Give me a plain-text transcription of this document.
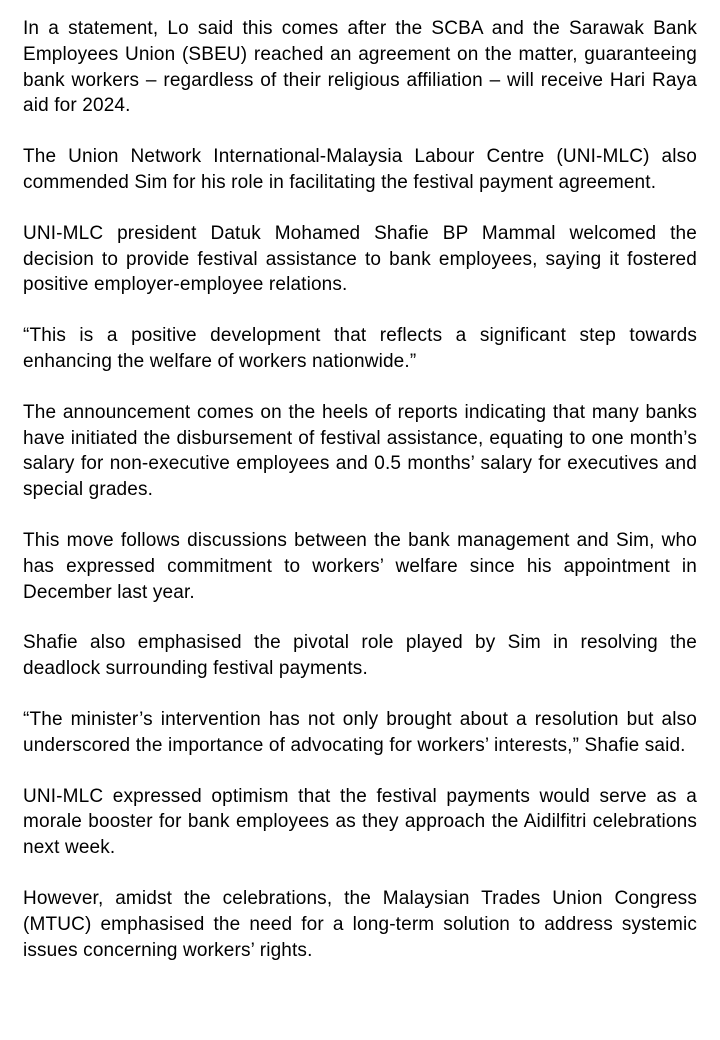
In a statement, Lo said this comes after the SCBA and the Sarawak Bank Employees Union (SBEU) reached an agreement on the matter, guaranteeing bank workers – regardless of their religious affiliation – will receive Hari Raya aid for 2024.

The Union Network International-Malaysia Labour Centre (UNI-MLC) also commended Sim for his role in facilitating the festival payment agreement.

UNI-MLC president Datuk Mohamed Shafie BP Mammal welcomed the decision to provide festival assistance to bank employees, saying it fostered positive employer-employee relations.

“This is a positive development that reflects a significant step towards enhancing the welfare of workers nationwide.”

The announcement comes on the heels of reports indicating that many banks have initiated the disbursement of festival assistance, equating to one month’s salary for non-executive employees and 0.5 months’ salary for executives and special grades.

This move follows discussions between the bank management and Sim, who has expressed commitment to workers’ welfare since his appointment in December last year.

Shafie also emphasised the pivotal role played by Sim in resolving the deadlock surrounding festival payments.

“The minister’s intervention has not only brought about a resolution but also underscored the importance of advocating for workers’ interests,” Shafie said.

UNI-MLC expressed optimism that the festival payments would serve as a morale booster for bank employees as they approach the Aidilfitri celebrations next week.

However, amidst the celebrations, the Malaysian Trades Union Congress (MTUC) emphasised the need for a long-term solution to address systemic issues concerning workers’ rights.
